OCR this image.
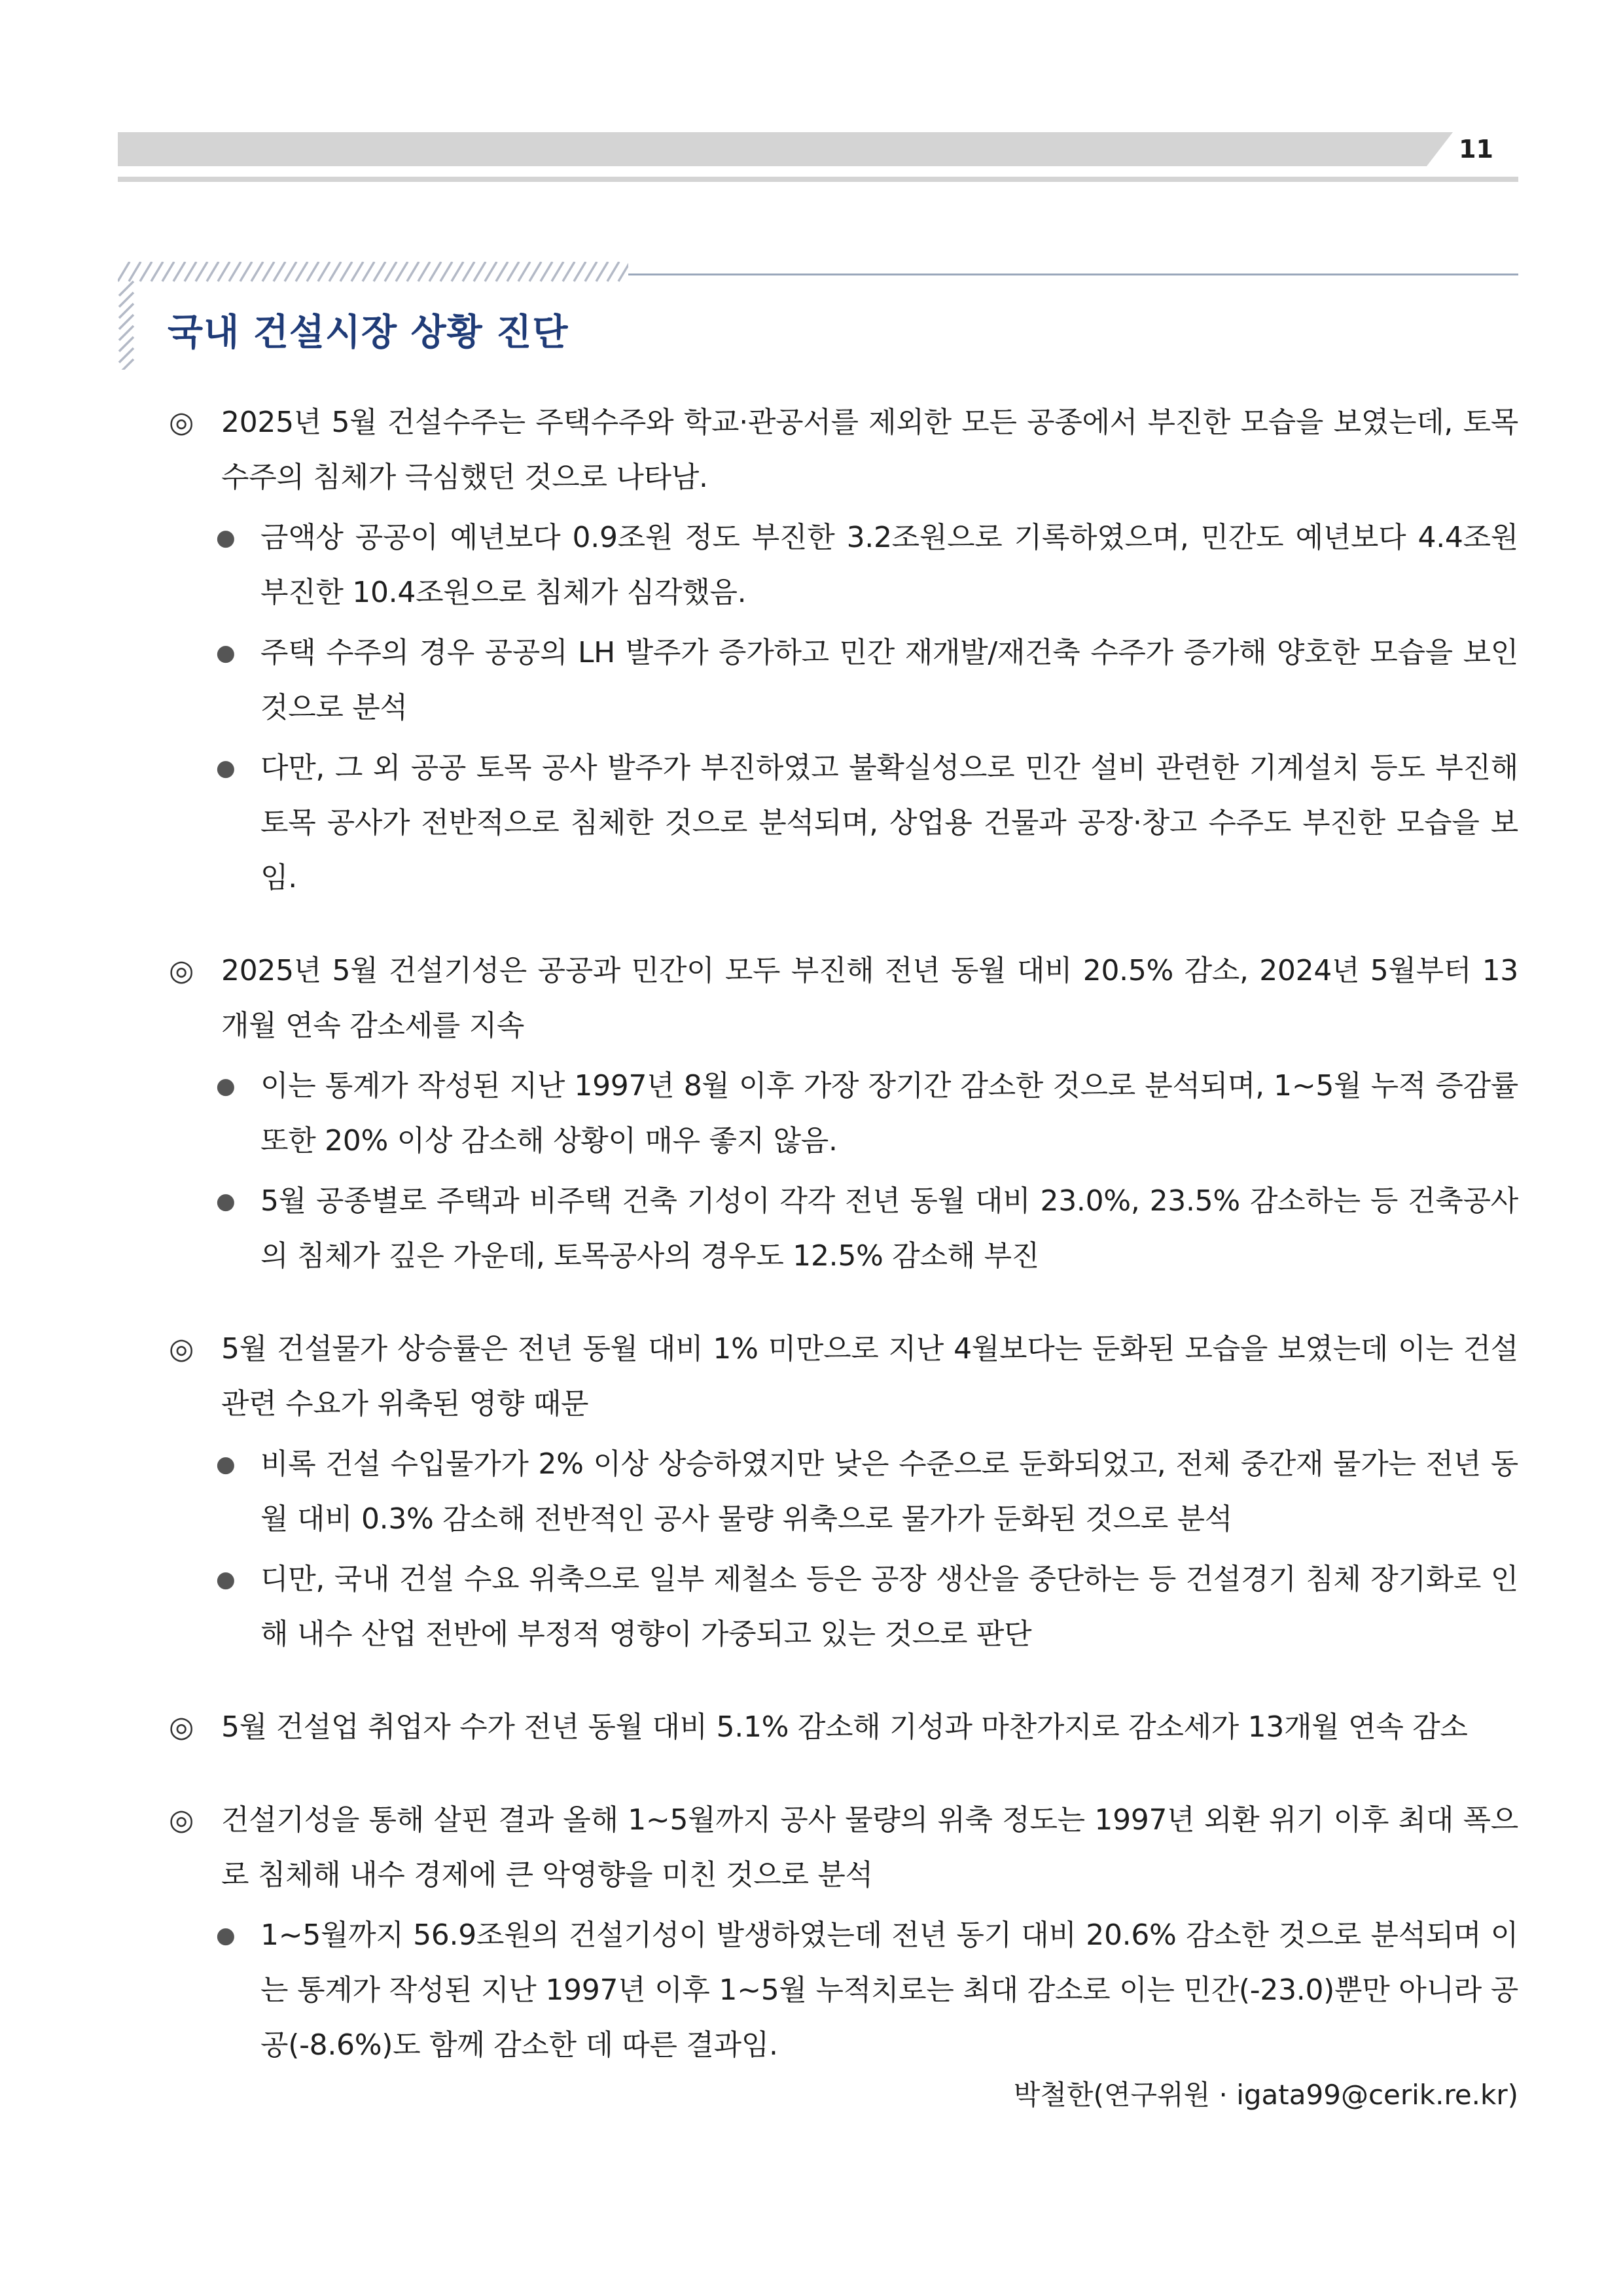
11
국내 건설시장 상황 진단

◎ 2025년 5월 건설수주는 주택수주와 학교·관공서를 제외한 모든 공종에서 부진한 모습을 보였는데, 토목수주의 침체가 극심했던 것으로 나타남.

● 금액상 공공이 예년보다 0.9조원 정도 부진한 3.2조원으로 기록하였으며, 민간도 예년보다 4.4조원 부진한 10.4조원으로 침체가 심각했음.
● 주택 수주의 경우 공공의 LH 발주가 증가하고 민간 재개발/재건축 수주가 증가해 양호한 모습을 보인 것으로 분석
● 다만, 그 외 공공 토목 공사 발주가 부진하였고 불확실성으로 민간 설비 관련한 기계설치 등도 부진해 토목 공사가 전반적으로 침체한 것으로 분석되며, 상업용 건물과 공장·창고 수주도 부진한 모습을 보임.

◎ 2025년 5월 건설기성은 공공과 민간이 모두 부진해 전년 동월 대비 20.5% 감소, 2024년 5월부터 13개월 연속 감소세를 지속

● 이는 통계가 작성된 지난 1997년 8월 이후 가장 장기간 감소한 것으로 분석되며, 1~5월 누적 증감률 또한 20% 이상 감소해 상황이 매우 좋지 않음.
● 5월 공종별로 주택과 비주택 건축 기성이 각각 전년 동월 대비 23.0%, 23.5% 감소하는 등 건축공사의 침체가 깊은 가운데, 토목공사의 경우도 12.5% 감소해 부진

◎ 5월 건설물가 상승률은 전년 동월 대비 1% 미만으로 지난 4월보다는 둔화된 모습을 보였는데 이는 건설 관련 수요가 위축된 영향 때문

● 비록 건설 수입물가가 2% 이상 상승하였지만 낮은 수준으로 둔화되었고, 전체 중간재 물가는 전년 동월 대비 0.3% 감소해 전반적인 공사 물량 위축으로 물가가 둔화된 것으로 분석
● 디만, 국내 건설 수요 위축으로 일부 제철소 등은 공장 생산을 중단하는 등 건설경기 침체 장기화로 인해 내수 산업 전반에 부정적 영향이 가중되고 있는 것으로 판단

◎ 5월 건설업 취업자 수가 전년 동월 대비 5.1% 감소해 기성과 마찬가지로 감소세가 13개월 연속 감소

◎ 건설기성을 통해 살핀 결과 올해 1~5월까지 공사 물량의 위축 정도는 1997년 외환 위기 이후 최대 폭으로 침체해 내수 경제에 큰 악영향을 미친 것으로 분석

● 1~5월까지 56.9조원의 건설기성이 발생하였는데 전년 동기 대비 20.6% 감소한 것으로 분석되며 이는 통계가 작성된 지난 1997년 이후 1~5월 누적치로는 최대 감소로 이는 민간(-23.0)뿐만 아니라 공공(-8.6%)도 함께 감소한 데 따른 결과임.
박철한(연구위원 · igata99@cerik.re.kr)
